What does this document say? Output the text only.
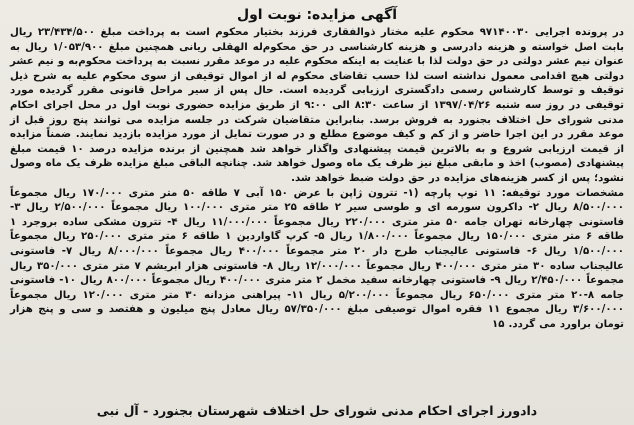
آگهی مزایده: نوبت اول

در پرونده اجرایی ۹۷۱۴۰۰۳۰ محکوم علیه مختار ذوالفقاری فرزند بختیار محکوم است به پرداخت مبلغ ۲۳/۴۳۴/۵۰۰ ریال بابت اصل خواسته و هزینه دادرسی و هزینه کارشناسی در حق محکوم‌له الهقلی ریانی همچنین مبلغ ۱/۰۵۳/۹۰۰ ریال به عنوان نیم عشر دولتی در حق دولت لذا با عنایت به اینکه محکوم علیه در موعد مقرر نسبت به پرداخت محکوم‌به و نیم عشر دولتی هیچ اقدامی معمول نداشته است لذا حسب تقاضای محکوم له از اموال توقیفی از سوی محکوم علیه به شرح ذیل توقیف و توسط کارشناس رسمی دادگستری ارزیابی گردیده است. حال پس از سیر مراحل قانونی مقرر گردیده مورد توقیفی در روز سه شنبه ۱۳۹۷/۰۴/۲۶ از ساعت ۸:۳۰ الی ۹:۰۰ از طریق مزایده حضوری نوبت اول در محل اجرای احکام مدنی شورای حل اختلاف بجنورد به فروش برسد. بنابراین متقاضیان شرکت در جلسه مزایده می توانند پنج روز قبل از موعد مقرر در این اجرا حاضر و از کم و کیف موضوع مطلع و در صورت تمایل از مورد مزایده بازدید نمایند. ضمناً مزایده از قیمت ارزیابی شروع و به بالاترین قیمت پیشنهادی واگذار خواهد شد همچنین از برنده مزایده درصد ۱۰ قیمت مبلغ پیشنهادی (مصوب) اخذ و مابقی مبلغ نیز ظرف یک ماه وصول خواهد شد. چنانچه الباقی مبلغ مزایده ظرف یک ماه وصول نشود؛ پس از کسر هزینه‌های مزایده در حق دولت ضبط خواهد شد.

مشخصات مورد توقیفه: ۱۱ توپ پارچه (۱- تترون ژاپن با عرض ۱۵۰ آبی ۷ طاقه ۵۰ متر متری ۱۷۰/۰۰۰ ریال مجموعاً ۸/۵۰۰/۰۰۰ ریال ۲- داکرون سورمه ای و طوسی سیر ۲ طاقه ۲۵ متر متری ۱۰۰/۰۰۰ ریال مجموعاً ۲/۵۰۰/۰۰۰ ریال ۳- فاستونی چهارخانه تهران جامه ۵۰ متر متری ۲۲۰/۰۰۰ ریال مجموعاً ۱۱/۰۰۰/۰۰۰ ریال ۴- تترون مشکی ساده بروجرد ۱ طاقه ۶ متر متری ۱۵۰/۰۰۰ ریال مجموعاً ۱/۸۰۰/۰۰۰ ریال ۵- کرپ گاواردین ۱ طاقه ۶ متر متری ۲۵۰/۰۰۰ ریال مجموعاً ۱/۵۰۰/۰۰۰ ریال ۶- فاستونی عالیجناب طرح دار ۲۰ متر مجموعاً ۴۰۰/۰۰۰ ریال مجموعاً ۸/۰۰۰/۰۰۰ ریال ۷- فاستونی عالیجناب ساده ۳۰ متر متری ۴۰۰/۰۰۰ ریال مجموعاً ۱۲/۰۰۰/۰۰۰ ریال ۸- فاستونی هزار ابریشم ۷ متر متری ۳۵۰/۰۰۰ ریال مجموعاً ۲/۴۵۰/۰۰۰ ریال ۹- فاستونی چهارخانه سفید مخمل ۲ متر متری ۴۰۰/۰۰۰ ریال مجموعاً ۸۰۰/۰۰۰ ریال ۱۰- فاستونی جامه ۸-۲۰ متر متری ۶۵۰/۰۰۰ ریال مجموعاً ۵/۲۰۰/۰۰۰ ریال ۱۱- پیراهنی مزدانه ۳۰ متر متری ۱۲۰/۰۰۰ ریال مجموعاً ۳/۶۰۰/۰۰۰ ریال مجموع ۱۱ فقره اموال توصیفی مبلغ ۵۷/۳۵۰/۰۰۰ ریال معادل پنج میلیون و هفتصد و سی و پنج هزار تومان براورد می گردد. ۱۵

دادورز اجرای احکام مدنی شورای حل اختلاف شهرستان بجنورد - آل نبی
